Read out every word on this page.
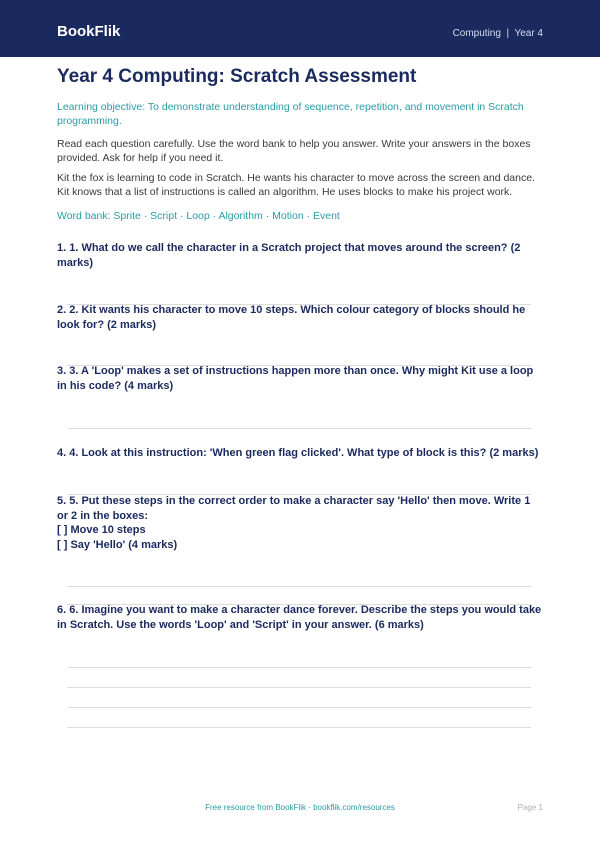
BookFlik	Computing  |  Year 4
Year 4 Computing: Scratch Assessment
Learning objective: To demonstrate understanding of sequence, repetition, and movement in Scratch programming.
Read each question carefully. Use the word bank to help you answer. Write your answers in the boxes provided. Ask for help if you need it.
Kit the fox is learning to code in Scratch. He wants his character to move across the screen and dance. Kit knows that a list of instructions is called an algorithm. He uses blocks to make his project work.
Word bank: Sprite · Script · Loop · Algorithm · Motion · Event
1. 1. What do we call the character in a Scratch project that moves around the screen? (2 marks)
2. 2. Kit wants his character to move 10 steps. Which colour category of blocks should he look for? (2 marks)
3. 3. A 'Loop' makes a set of instructions happen more than once. Why might Kit use a loop in his code? (4 marks)
4. 4. Look at this instruction: 'When green flag clicked'. What type of block is this? (2 marks)
5. 5. Put these steps in the correct order to make a character say 'Hello' then move. Write 1 or 2 in the boxes:
[ ] Move 10 steps
[ ] Say 'Hello' (4 marks)
6. 6. Imagine you want to make a character dance forever. Describe the steps you would take in Scratch. Use the words 'Loop' and 'Script' in your answer. (6 marks)
Free resource from BookFlik · bookflik.com/resources	Page 1
